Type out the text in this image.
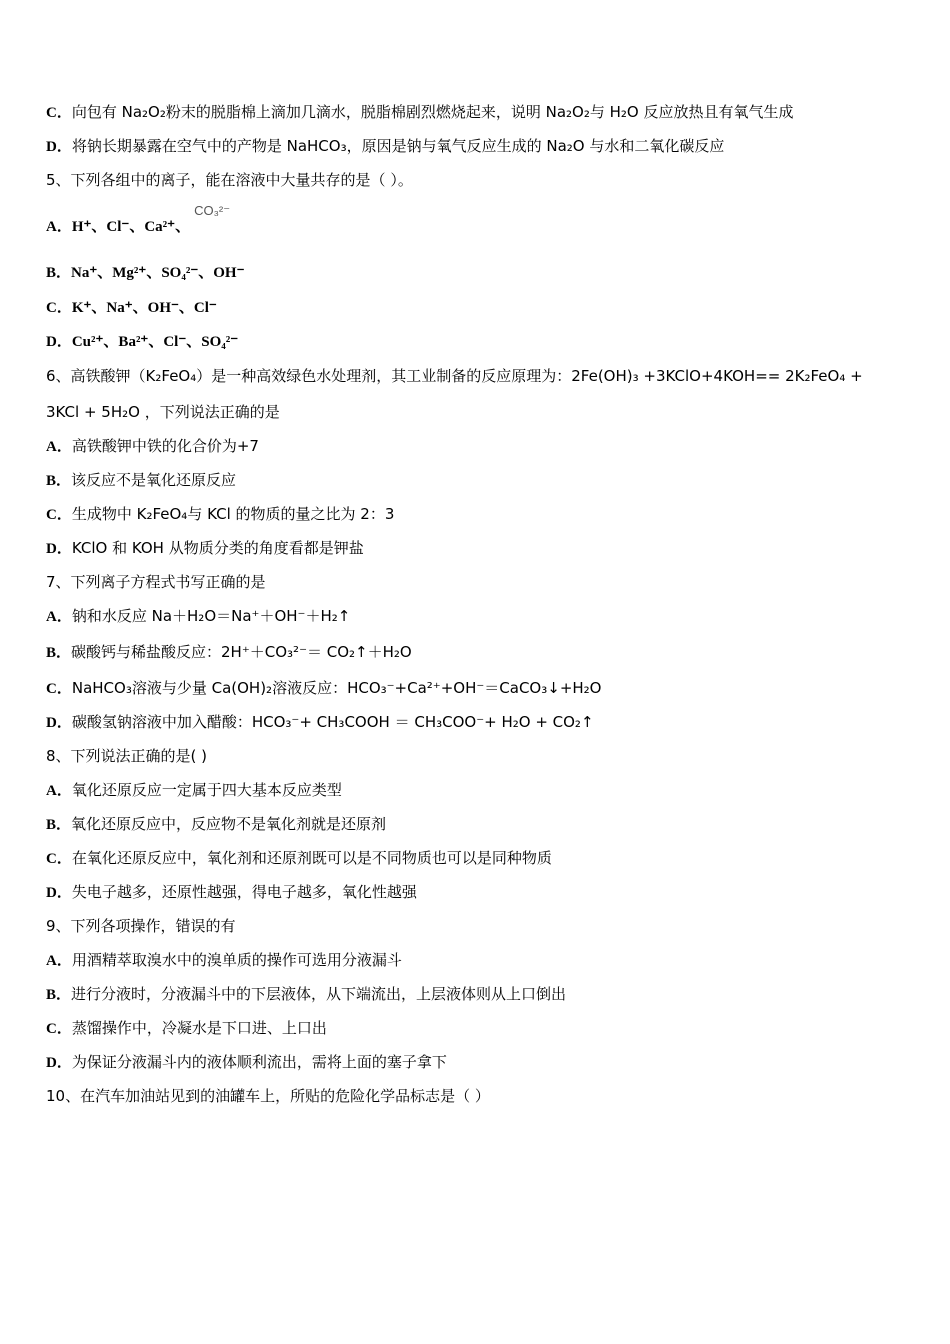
C．向包有 Na₂O₂粉末的脱脂棉上滴加几滴水，脱脂棉剧烈燃烧起来，说明 Na₂O₂与 H₂O 反应放热且有氧气生成
D．将钠长期暴露在空气中的产物是 NaHCO₃，原因是钠与氧气反应生成的 Na₂O 与水和二氧化碳反应
5、下列各组中的离子，能在溶液中大量共存的是（ ）。
A．H⁺、Cl⁻、Ca²⁺、CO₃²⁻
B．Na⁺、Mg²⁺、SO₄²⁻、OH⁻
C．K⁺、Na⁺、OH⁻、Cl⁻
D．Cu²⁺、Ba²⁺、Cl⁻、SO₄²⁻
6、高铁酸钾（K₂FeO₄）是一种高效绿色水处理剂，其工业制备的反应原理为：2Fe(OH)₃ +3KClO+4KOH== 2K₂FeO₄ +
3KCl + 5H₂O ，下列说法正确的是
A．高铁酸钾中铁的化合价为+7
B．该反应不是氧化还原反应
C．生成物中 K₂FeO₄与 KCl 的物质的量之比为 2：3
D．KClO 和 KOH 从物质分类的角度看都是钾盐
7、下列离子方程式书写正确的是
A．钠和水反应 Na＋H₂O＝Na⁺＋OH⁻＋H₂↑
B．碳酸钙与稀盐酸反应：2H⁺＋CO₃²⁻＝ CO₂↑＋H₂O
C．NaHCO₃溶液与少量 Ca(OH)₂溶液反应：HCO₃⁻+Ca²⁺+OH⁻＝CaCO₃↓+H₂O
D．碳酸氢钠溶液中加入醋酸：HCO₃⁻+ CH₃COOH ＝ CH₃COO⁻+ H₂O + CO₂↑
8、下列说法正确的是( )
A．氧化还原反应一定属于四大基本反应类型
B．氧化还原反应中，反应物不是氧化剂就是还原剂
C．在氧化还原反应中，氧化剂和还原剂既可以是不同物质也可以是同种物质
D．失电子越多，还原性越强，得电子越多，氧化性越强
9、下列各项操作，错误的有
A．用酒精萃取溴水中的溴单质的操作可选用分液漏斗
B．进行分液时，分液漏斗中的下层液体，从下端流出，上层液体则从上口倒出
C．蒸馏操作中，冷凝水是下口进、上口出
D．为保证分液漏斗内的液体顺利流出，需将上面的塞子拿下
10、在汽车加油站见到的油罐车上，所贴的危险化学品标志是（ ）
